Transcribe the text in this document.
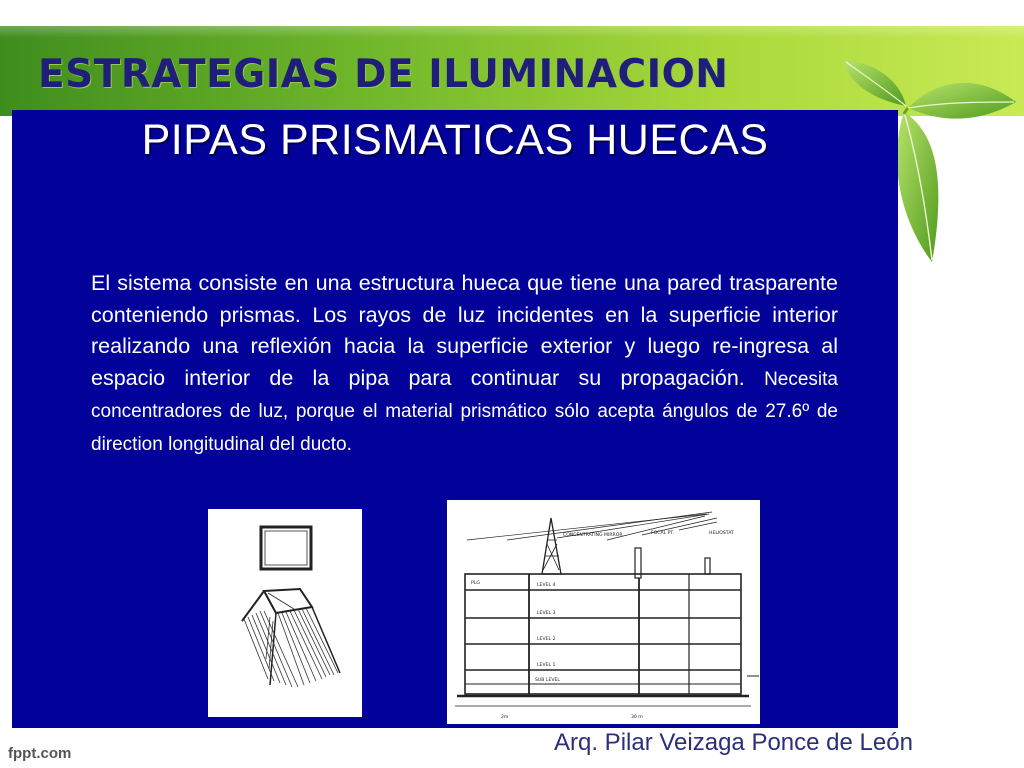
ESTRATEGIAS DE ILUMINACION
PIPAS PRISMATICAS HUECAS

El sistema consiste en una estructura hueca que tiene una pared trasparente conteniendo prismas. Los rayos de luz incidentes en la superficie interior realizando una reflexión hacia la superficie exterior y luego re-ingresa al espacio interior de la pipa para continuar su propagación. Necesita concentradores de luz, porque el material prismático sólo acepta ángulos de 27.6º de direction longitudinal del ducto.

CONCENTRATING MIRROR	FOCAL PT.	HELIOSTAT
PLG	LEVEL 4
LEVEL 3
LEVEL 2
LEVEL 1
SUB LEVEL
2m	30 m
fppt.com	Arq. Pilar Veizaga Ponce de León
